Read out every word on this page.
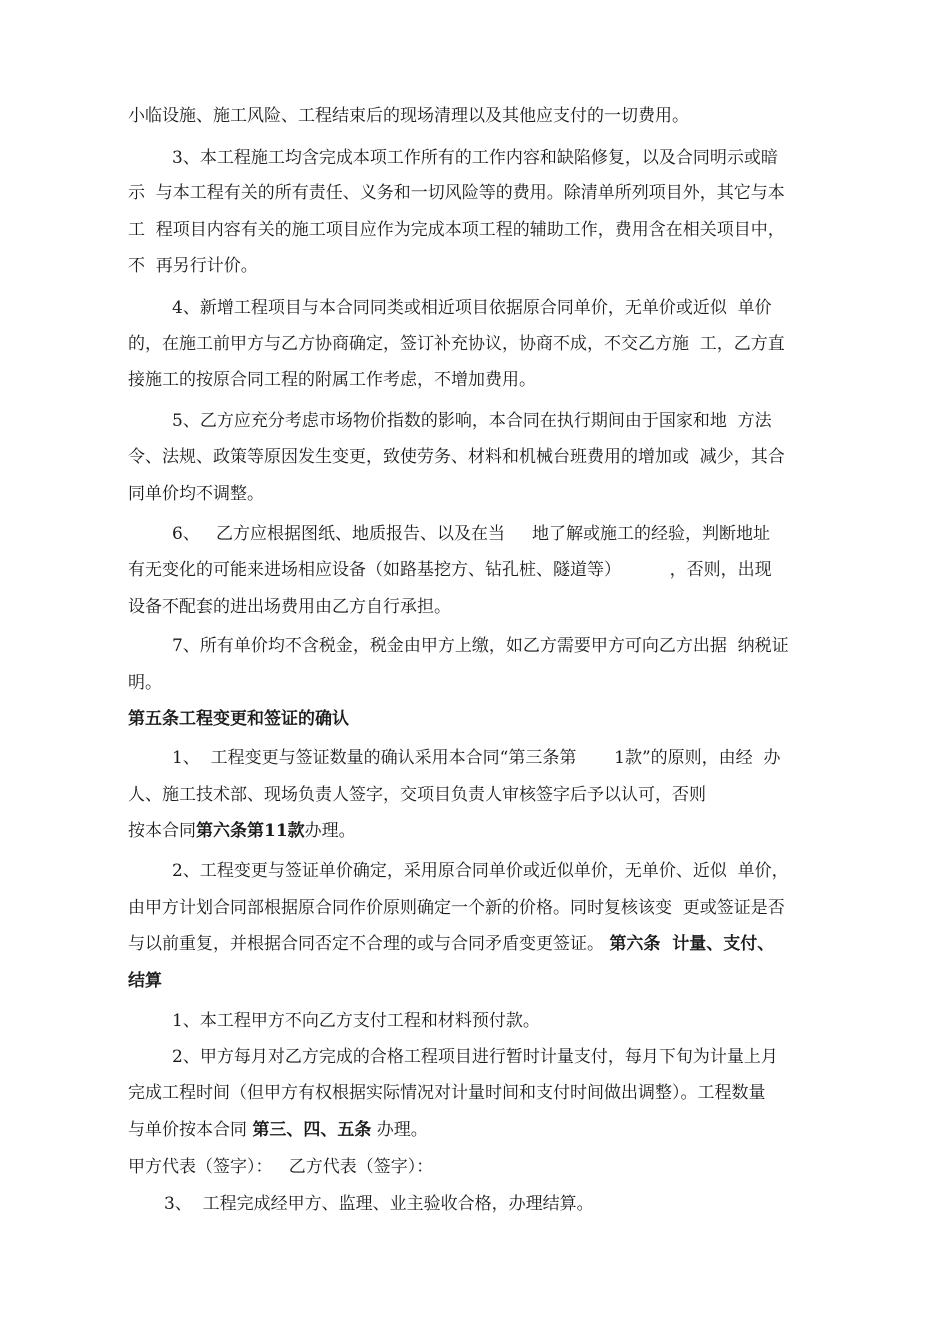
小临设施、施工风险、工程结束后的现场清理以及其他应支付的一切费用。
3、本工程施工均含完成本项工作所有的工作内容和缺陷修复，以及合同明示或暗
示  与本工程有关的所有责任、义务和一切风险等的费用。除清单所列项目外，其它与本
工  程项目内容有关的施工项目应作为完成本项工程的辅助工作，费用含在相关项目中，
不  再另行计价。
4、新增工程项目与本合同同类或相近项目依据原合同单价，无单价或近似  单价
的，在施工前甲方与乙方协商确定，签订补充协议，协商不成，不交乙方施  工，乙方直
接施工的按原合同工程的附属工作考虑，不增加费用。
5、乙方应充分考虑市场物价指数的影响，本合同在执行期间由于国家和地  方法
令、法规、政策等原因发生变更，致使劳务、材料和机械台班费用的增加或  减少，其合
同单价均不调整。
6、   乙方应根据图纸、地质报告、以及在当     地了解或施工的经验，判断地址
有无变化的可能来进场相应设备（如路基挖方、钻孔桩、隧道等）         ，否则，出现
设备不配套的进出场费用由乙方自行承担。
7、所有单价均不含税金，税金由甲方上缴，如乙方需要甲方可向乙方出据  纳税证
明。
第五条工程变更和签证的确认
1、  工程变更与签证数量的确认采用本合同“第三条第       1款”的原则，由经  办
人、施工技术部、现场负责人签字，交项目负责人审核签字后予以认可，否则
按本合同第六条第11款办理。
2、工程变更与签证单价确定，采用原合同单价或近似单价，无单价、近似  单价，
由甲方计划合同部根据原合同作价原则确定一个新的价格。同时复核该变  更或签证是否
与以前重复，并根据合同否定不合理的或与合同矛盾变更签证。 第六条  计量、支付、
结算
1、本工程甲方不向乙方支付工程和材料预付款。
2、甲方每月对乙方完成的合格工程项目进行暂时计量支付，每月下旬为计量上月
完成工程时间（但甲方有权根据实际情况对计量时间和支付时间做出调整）。工程数量
与单价按本合同 第三、四、五条 办理。
甲方代表（签字）：   乙方代表（签字）：
3、  工程完成经甲方、监理、业主验收合格，办理结算。
